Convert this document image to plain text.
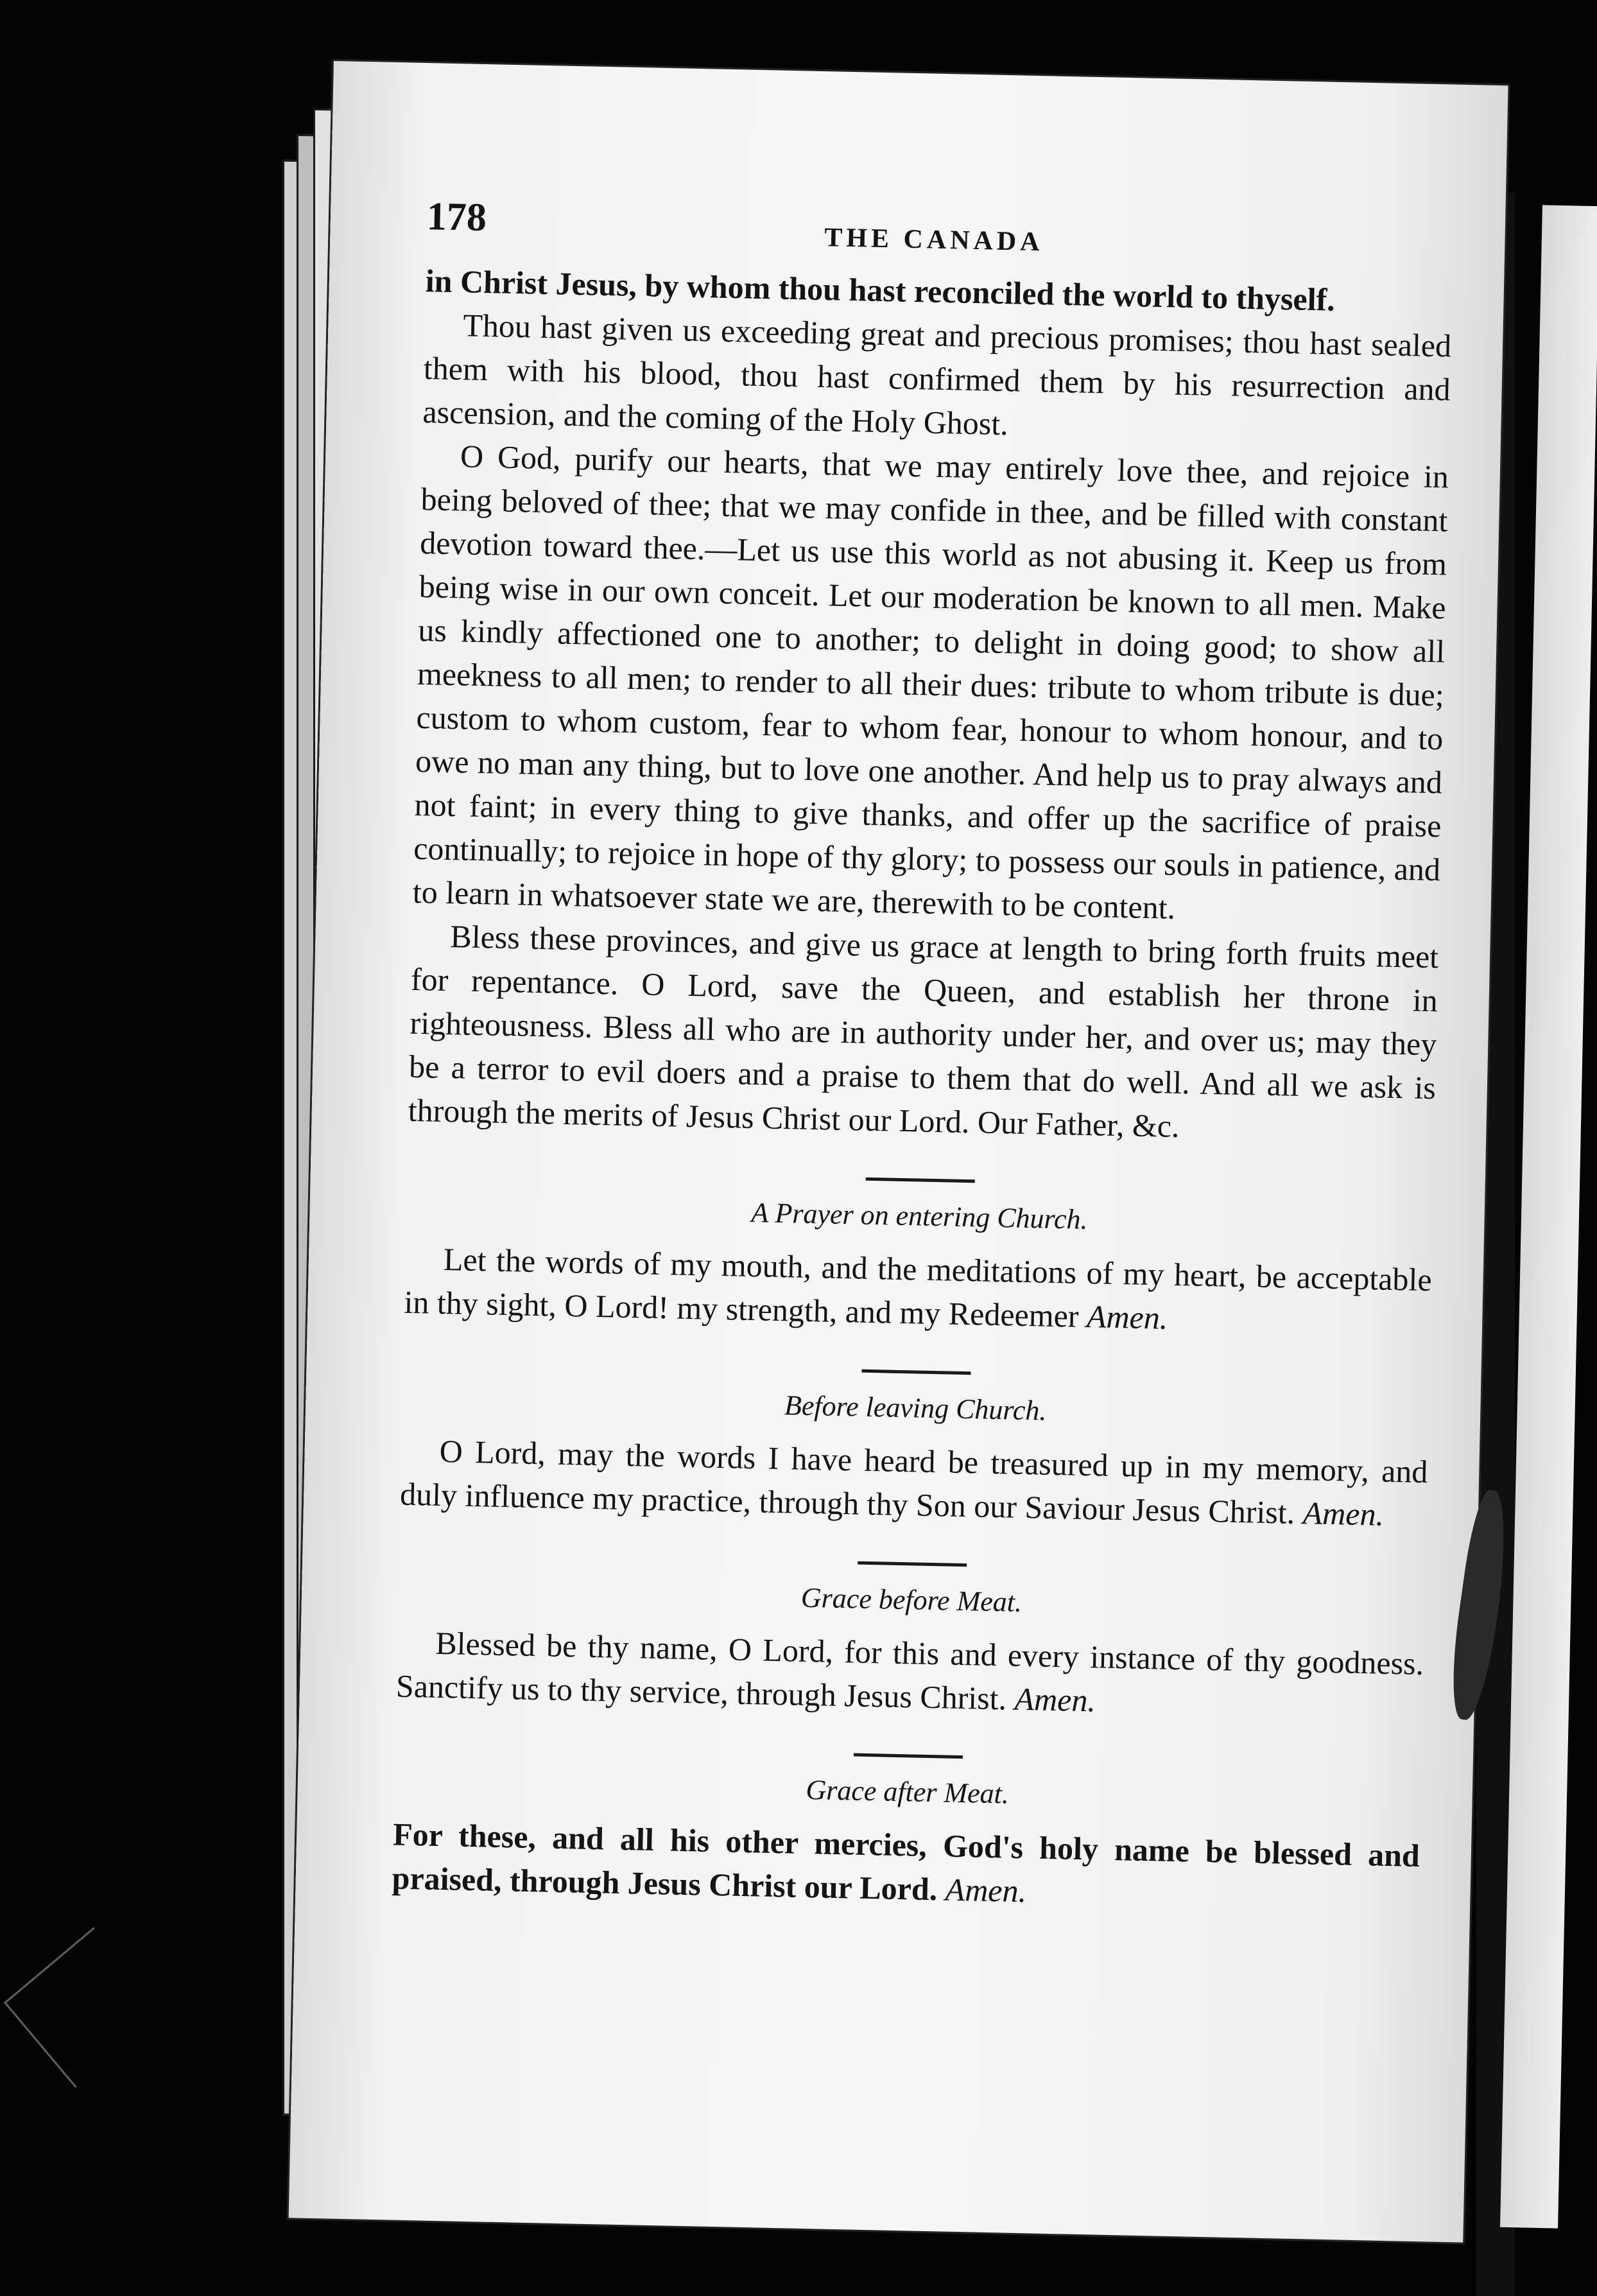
178
THE CANADA

in Christ Jesus, by whom thou hast reconciled the world to thyself.

Thou hast given us exceeding great and precious promises; thou hast sealed them with his blood, thou hast confirmed them by his resurrection and ascension, and the coming of the Holy Ghost.

O God, purify our hearts, that we may entirely love thee, and rejoice in being beloved of thee; that we may confide in thee, and be filled with constant devotion toward thee.—Let us use this world as not abusing it. Keep us from being wise in our own conceit. Let our moderation be known to all men. Make us kindly affectioned one to another; to delight in doing good; to show all meekness to all men; to render to all their dues: tribute to whom tribute is due; custom to whom custom, fear to whom fear, honour to whom honour, and to owe no man any thing, but to love one another. And help us to pray always and not faint; in every thing to give thanks, and offer up the sacrifice of praise continually; to rejoice in hope of thy glory; to possess our souls in patience, and to learn in whatsoever state we are, therewith to be content.

Bless these provinces, and give us grace at length to bring forth fruits meet for repentance. O Lord, save the Queen, and establish her throne in righteousness. Bless all who are in authority under her, and over us; may they be a terror to evil doers and a praise to them that do well. And all we ask is through the merits of Jesus Christ our Lord. Our Father, &c.

A Prayer on entering Church.

Let the words of my mouth, and the meditations of my heart, be acceptable in thy sight, O Lord! my strength, and my Redeemer Amen.

Before leaving Church.

O Lord, may the words I have heard be treasured up in my memory, and duly influence my practice, through thy Son our Saviour Jesus Christ. Amen.

Grace before Meat.

Blessed be thy name, O Lord, for this and every instance of thy goodness. Sanctify us to thy service, through Jesus Christ. Amen.

Grace after Meat.

For these, and all his other mercies, God's holy name be blessed and praised, through Jesus Christ our Lord. Amen.
